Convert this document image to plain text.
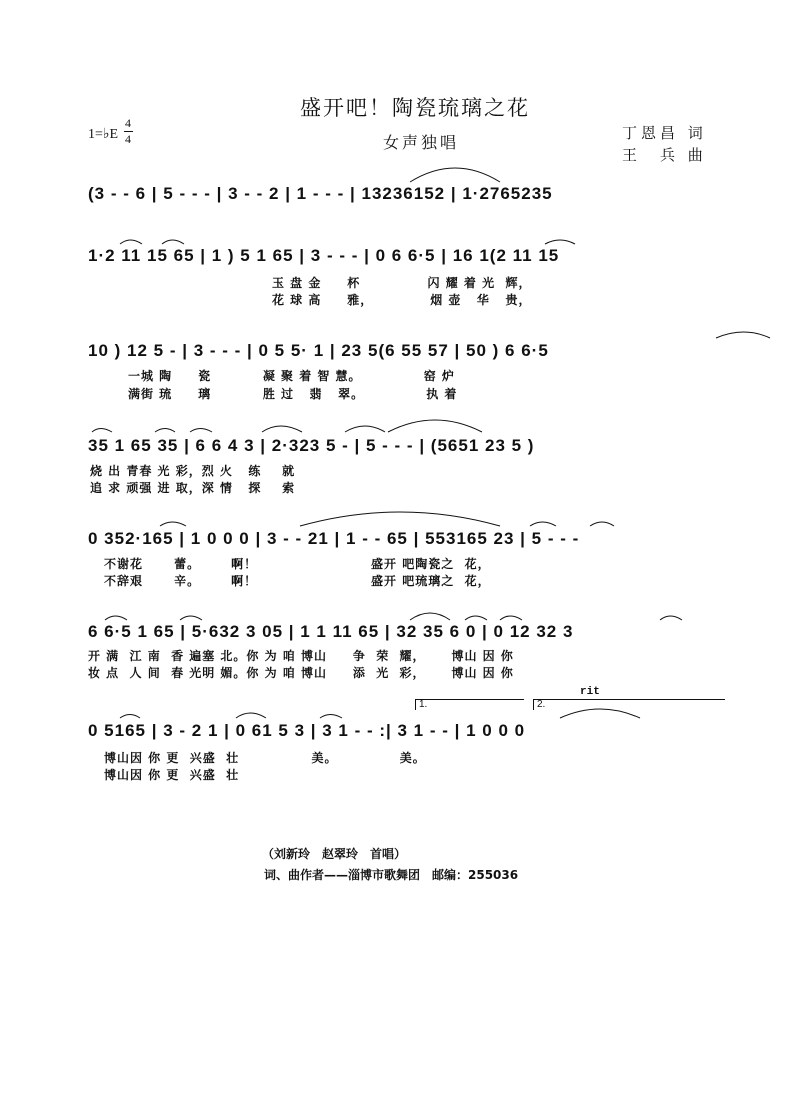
盛开吧！陶瓷琉璃之花
女声独唱
1=♭E
4
4	丁恩昌 词
王　兵 曲
(3 - - 6 | 5 - - - | 3 - - 2 | 1 - - - | 13236152 | 1·2765235
1·2 11 15 65 | 1 ) 5 1 65 | 3 - - - | 0 6 6·5 | 16 1(2 11 15
玉 盘 金     杯             闪 耀 着 光  辉，
花 球 高     雅，           烟 壶   华   贵，
10 ) 12 5 - | 3 - - - | 0 5 5· 1 | 23 5(6 55 57 | 50 ) 6 6·5
一城 陶     瓷          凝 聚 着 智 慧。            窑 炉
满街 琉     璃          胜 过   翡   翠。            执 着
35 1 65 35 | 6 6 4 3 | 2·323 5 - | 5 - - - | (5651 23 5 )
烧 出 青春 光 彩，烈 火   练    就
追 求 顽强 进 取，深 情   探    索
0 352·165 | 1 0 0 0 | 3 - - 21 | 1 - - 65 | 553165 23 | 5 - - -
不谢花      蕾。      啊！                      盛开 吧陶瓷之  花，
不辞艰      辛。      啊！                      盛开 吧琉璃之  花，
6 6·5 1 65 | 5·632 3 05 | 1 1 11 65 | 32 35 6 0 | 0 12 32 3
开 满  江 南  香 遍塞 北。你 为 咱 博山     争  荣  耀，     博山 因 你
妆 点  人 间  春 光明 媚。你 为 咱 博山     添  光  彩，     博山 因 你
rit
1.	2.
0 5165 | 3 - 2 1 | 0 61 5 3 | 3 1 - - :| 3 1 - - | 1 0 0 0
博山因 你 更  兴盛  壮              美。            美。
博山因 你 更  兴盛  壮
（刘新玲　赵翠玲　首唱）
词、曲作者——淄博市歌舞团　邮编：255036
